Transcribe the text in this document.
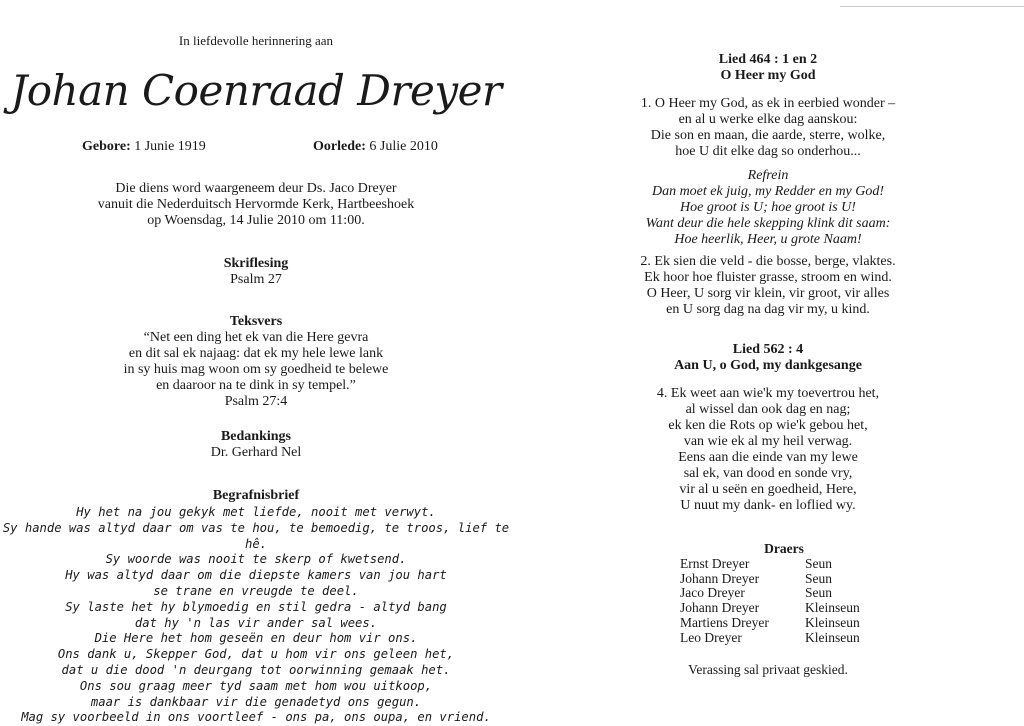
In liefdevolle herinnering aan
Johan Coenraad Dreyer
Gebore: 1 Junie 1919	Oorlede: 6 Julie 2010
Die diens word waargeneem deur Ds. Jaco Dreyer
vanuit die Nederduitsch Hervormde Kerk, Hartbeeshoek
op Woensdag, 14 Julie 2010 om 11:00.
Skriflesing
Psalm 27
Teksvers
“Net een ding het ek van die Here gevra
en dit sal ek najaag: dat ek my hele lewe lank
in sy huis mag woon om sy goedheid te belewe
en daaroor na te dink in sy tempel.”
Psalm 27:4
Bedankings
Dr. Gerhard Nel
Begrafnisbrief
Hy het na jou gekyk met liefde, nooit met verwyt.
Sy hande was altyd daar om vas te hou, te bemoedig, te troos, lief te hê.
Sy woorde was nooit te skerp of kwetsend.
Hy was altyd daar om die diepste kamers van jou hart
se trane en vreugde te deel.
Sy laste het hy blymoedig en stil gedra - altyd bang
dat hy 'n las vir ander sal wees.
Die Here het hom geseën en deur hom vir ons.
Ons dank u, Skepper God, dat u hom vir ons geleen het,
dat u die dood 'n deurgang tot oorwinning gemaak het.
Ons sou graag meer tyd saam met hom wou uitkoop,
maar is dankbaar vir die genadetyd ons gegun.
Mag sy voorbeeld in ons voortleef - ons pa, ons oupa, en vriend.
Lied 464 : 1 en 2
O Heer my God
1. O Heer my God, as ek in eerbied wonder –
en al u werke elke dag aanskou:
Die son en maan, die aarde, sterre, wolke,
hoe U dit elke dag so onderhou...
Refrein
Dan moet ek juig, my Redder en my God!
Hoe groot is U; hoe groot is U!
Want deur die hele skepping klink dit saam:
Hoe heerlik, Heer, u grote Naam!
2. Ek sien die veld - die bosse, berge, vlaktes.
Ek hoor hoe fluister grasse, stroom en wind.
O Heer, U sorg vir klein, vir groot, vir alles
en U sorg dag na dag vir my, u kind.
Lied 562 : 4
Aan U, o God, my dankgesange
4. Ek weet aan wie'k my toevertrou het,
al wissel dan ook dag en nag;
ek ken die Rots op wie'k gebou het,
van wie ek al my heil verwag.
Eens aan die einde van my lewe
sal ek, van dood en sonde vry,
vir al u seën en goedheid, Here,
U nuut my dank- en loflied wy.
Draers
Ernst Dreyer	Seun
Johann Dreyer	Seun
Jaco Dreyer	Seun
Johann Dreyer	Kleinseun
Martiens Dreyer	Kleinseun
Leo Dreyer	Kleinseun
Verassing sal privaat geskied.
